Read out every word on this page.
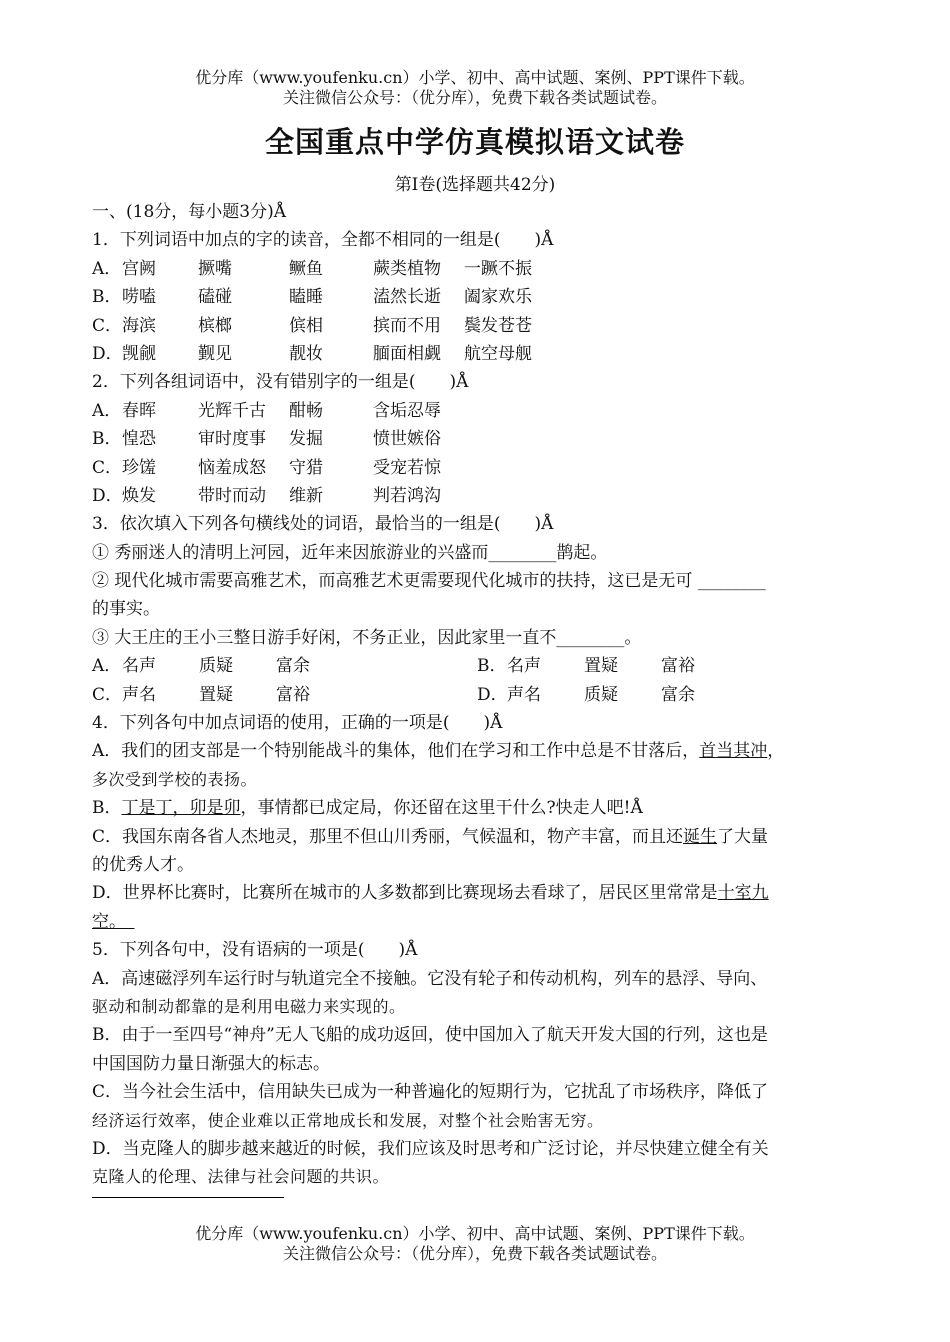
优分库（www.youfenku.cn）小学、初中、高中试题、案例、PPT课件下载。
关注微信公众号：（优分库），免费下载各类试题试卷。
全国重点中学仿真模拟语文试卷
第Ⅰ卷(选择题共42分)
一、(18分，每小题3分)Å
1．下列词语中加点的字的读音，全都不相同的一组是(　　)Å
A． 宫阙	撅嘴	鳜鱼	蕨类植物	一蹶不振
B． 唠嗑	磕碰	瞌睡	溘然长逝	阖家欢乐
C． 海滨	槟榔	傧相	摈而不用	鬓发苍苍
D． 觊觎	觐见	靓妆	腼面相觑	航空母舰
2．下列各组词语中，没有错别字的一组是(　　)Å
A． 春晖	光辉千古	酣畅	含垢忍辱
B． 惶恐	审时度事	发掘	愤世嫉俗
C． 珍馐	恼羞成怒	守猎	受宠若惊
D． 焕发	带时而动	维新	判若鸿沟
3．依次填入下列各句横线处的词语，最恰当的一组是(　　)Å
① 秀丽迷人的清明上河园，近年来因旅游业的兴盛而________鹊起。
② 现代化城市需要高雅艺术，而高雅艺术更需要现代化城市的扶持，这已是无可 ________
的事实。
③ 大王庄的王小三整日游手好闲，不务正业，因此家里一直不________。
A． 名声	质疑	富余	B． 名声	置疑	富裕
C． 声名	置疑	富裕	D． 声名	质疑	富余
4．下列各句中加点词语的使用，正确的一项是(　　)Å
A．我们的团支部是一个特别能战斗的集体，他们在学习和工作中总是不甘落后，首当其冲，
多次受到学校的表扬。
B．丁是丁，卯是卯，事情都已成定局，你还留在这里干什么?快走人吧!Å
C．我国东南各省人杰地灵，那里不但山川秀丽，气候温和，物产丰富，而且还诞生了大量
的优秀人才。
D．世界杯比赛时，比赛所在城市的人多数都到比赛现场去看球了，居民区里常常是十室九
空。　
5．下列各句中，没有语病的一项是(　　)Å
A．高速磁浮列车运行时与轨道完全不接触。它没有轮子和传动机构，列车的悬浮、导向、
驱动和制动都靠的是利用电磁力来实现的。
B．由于一至四号“神舟”无人飞船的成功返回，使中国加入了航天开发大国的行列，这也是
中国国防力量日渐强大的标志。
C．当今社会生活中，信用缺失已成为一种普遍化的短期行为，它扰乱了市场秩序，降低了
经济运行效率，使企业难以正常地成长和发展，对整个社会贻害无穷。
D．当克隆人的脚步越来越近的时候，我们应该及时思考和广泛讨论，并尽快建立健全有关
克隆人的伦理、法律与社会问题的共识。
优分库（www.youfenku.cn）小学、初中、高中试题、案例、PPT课件下载。
关注微信公众号：（优分库），免费下载各类试题试卷。
